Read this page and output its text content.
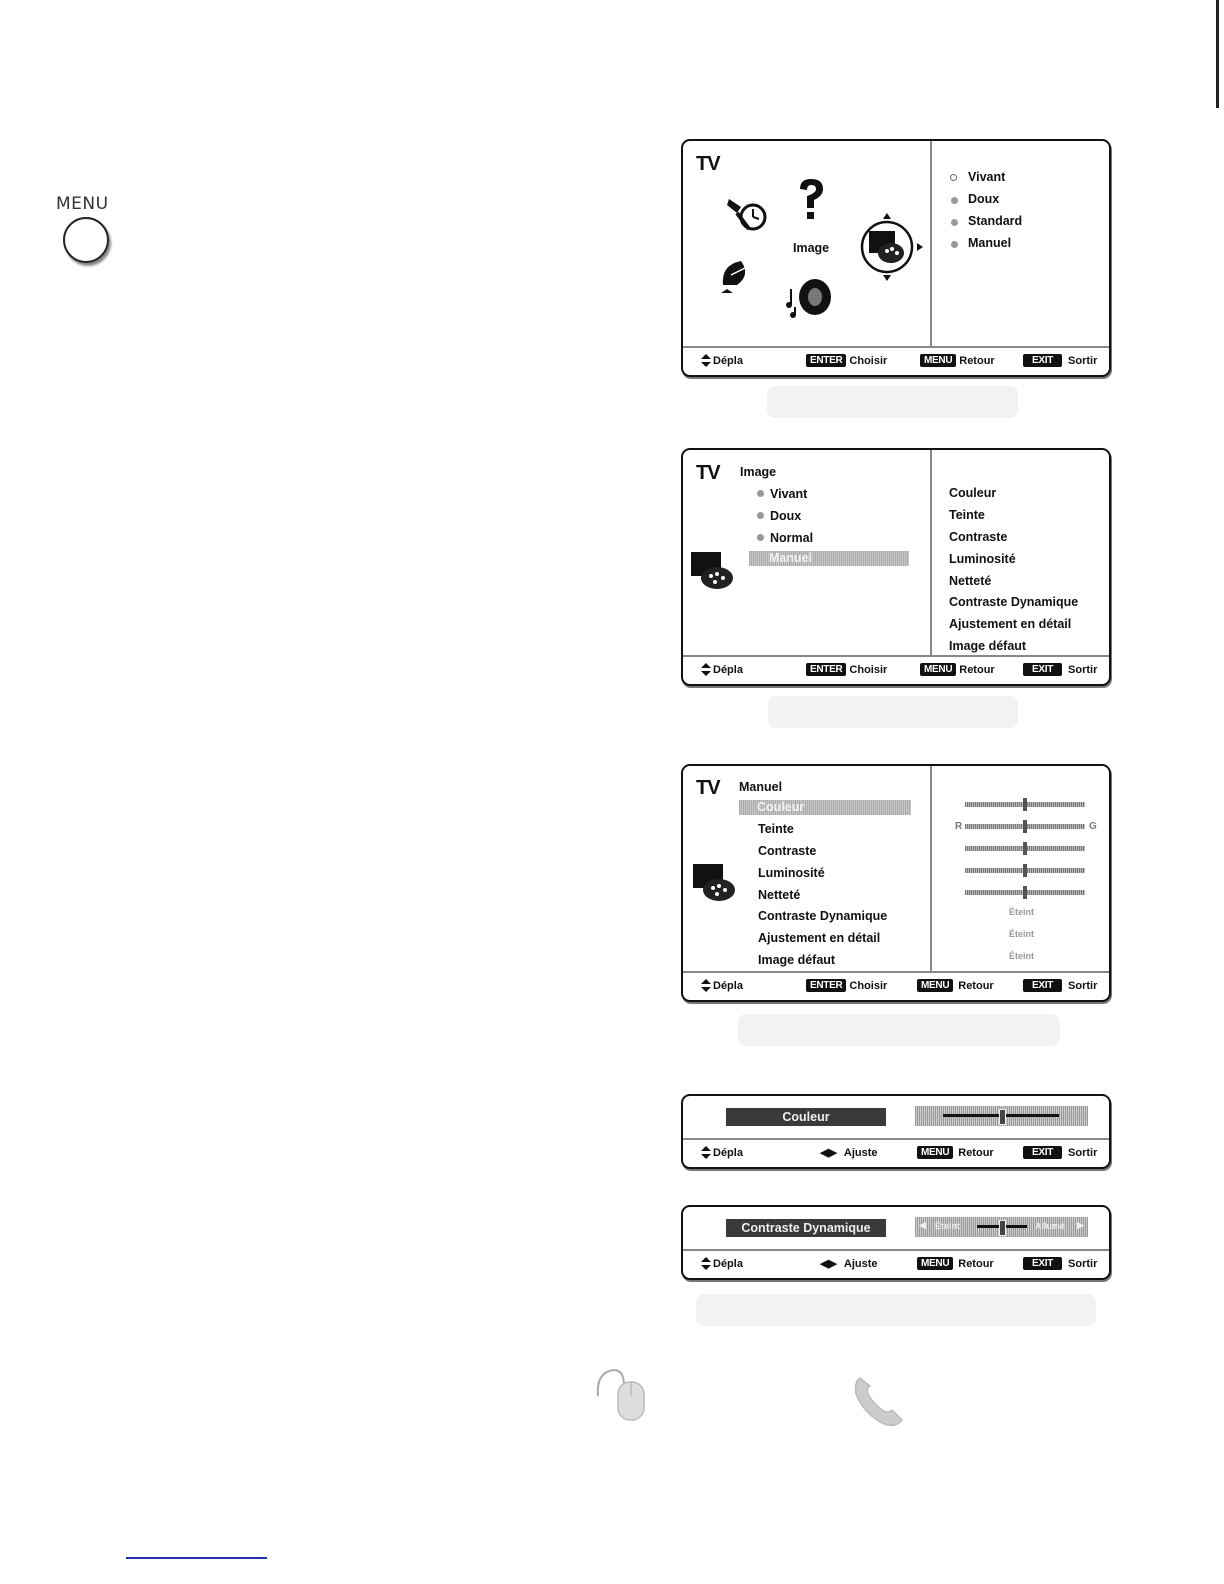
MENU
TV
Image
Vivant
Doux
Standard
Manuel
Dépla	ENTER Choisir	MENU Retour	EXIT	Sortir
TV Image
Vivant
Doux
Normal
Manuel
Couleur
Teinte
Contraste
Luminosité
Netteté
Contraste Dynamique
Ajustement en détail
Image défaut
Dépla	ENTER Choisir	MENU Retour	EXIT	Sortir
TV Manuel
Couleur
Teinte
Contraste
Luminosité
Netteté
Contraste Dynamique
Ajustement en détail
Image défaut
R	G
Éteint
Éteint
Éteint
Dépla	ENTER Choisir	MENU Retour	EXIT	Sortir
Couleur
Dépla	◀▶ Ajuste	MENU Retour	EXIT	Sortir
Contraste Dynamique	◀ Éteint	Allumé ▶
Dépla	◀▶ Ajuste	MENU Retour	EXIT	Sortir
